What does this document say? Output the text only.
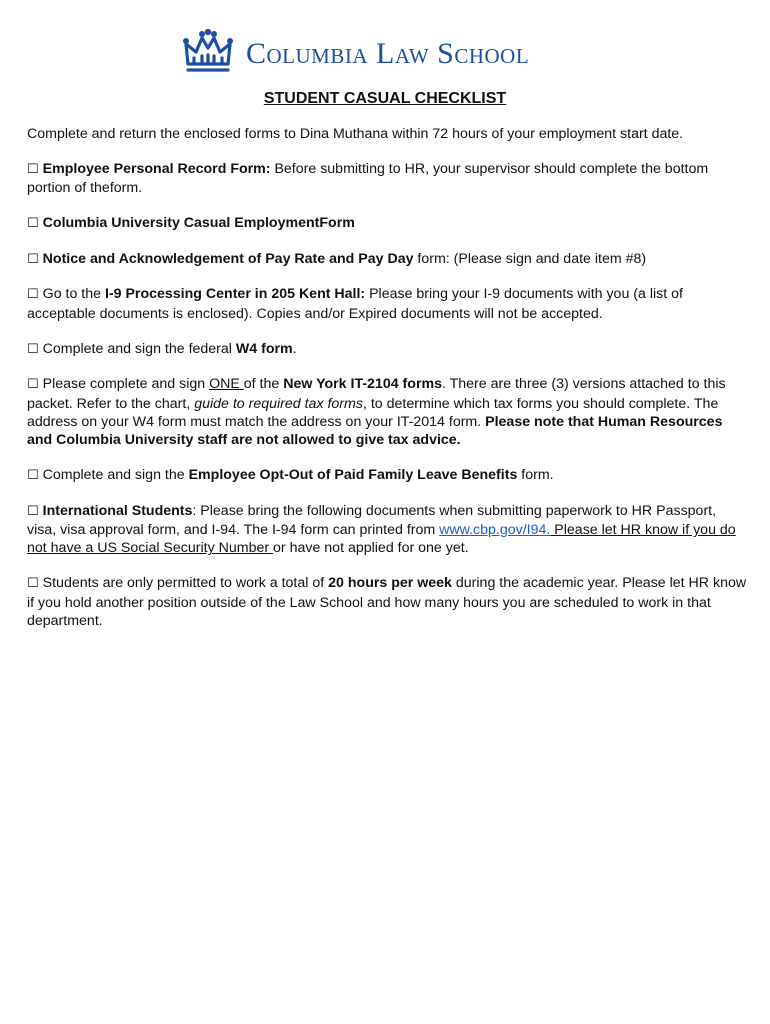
Columbia Law School
STUDENT CASUAL CHECKLIST

Complete and return the enclosed forms to Dina Muthana within 72 hours of your employment start date.

☐ Employee Personal Record Form: Before submitting to HR, your supervisor should complete the bottom portion of theform.

☐ Columbia University Casual EmploymentForm

☐ Notice and Acknowledgement of Pay Rate and Pay Day form: (Please sign and date item #8)

☐ Go to the I-9 Processing Center in 205 Kent Hall: Please bring your I-9 documents with you (a list of acceptable documents is enclosed). Copies and/or Expired documents will not be accepted.

☐ Complete and sign the federal W4 form.

☐ Please complete and sign ONE of the New York IT-2104 forms. There are three (3) versions attached to this packet. Refer to the chart, guide to required tax forms, to determine which tax forms you should complete. The address on your W4 form must match the address on your IT-2014 form. Please note that Human Resources and Columbia University staff are not allowed to give tax advice.

☐ Complete and sign the Employee Opt-Out of Paid Family Leave Benefits form.

☐ International Students: Please bring the following documents when submitting paperwork to HR Passport, visa, visa approval form, and I-94. The I-94 form can printed from www.cbp.gov/I94. Please let HR know if you do not have a US Social Security Number or have not applied for one yet.

☐ Students are only permitted to work a total of 20 hours per week during the academic year. Please let HR know if you hold another position outside of the Law School and how many hours you are scheduled to work in that department.
